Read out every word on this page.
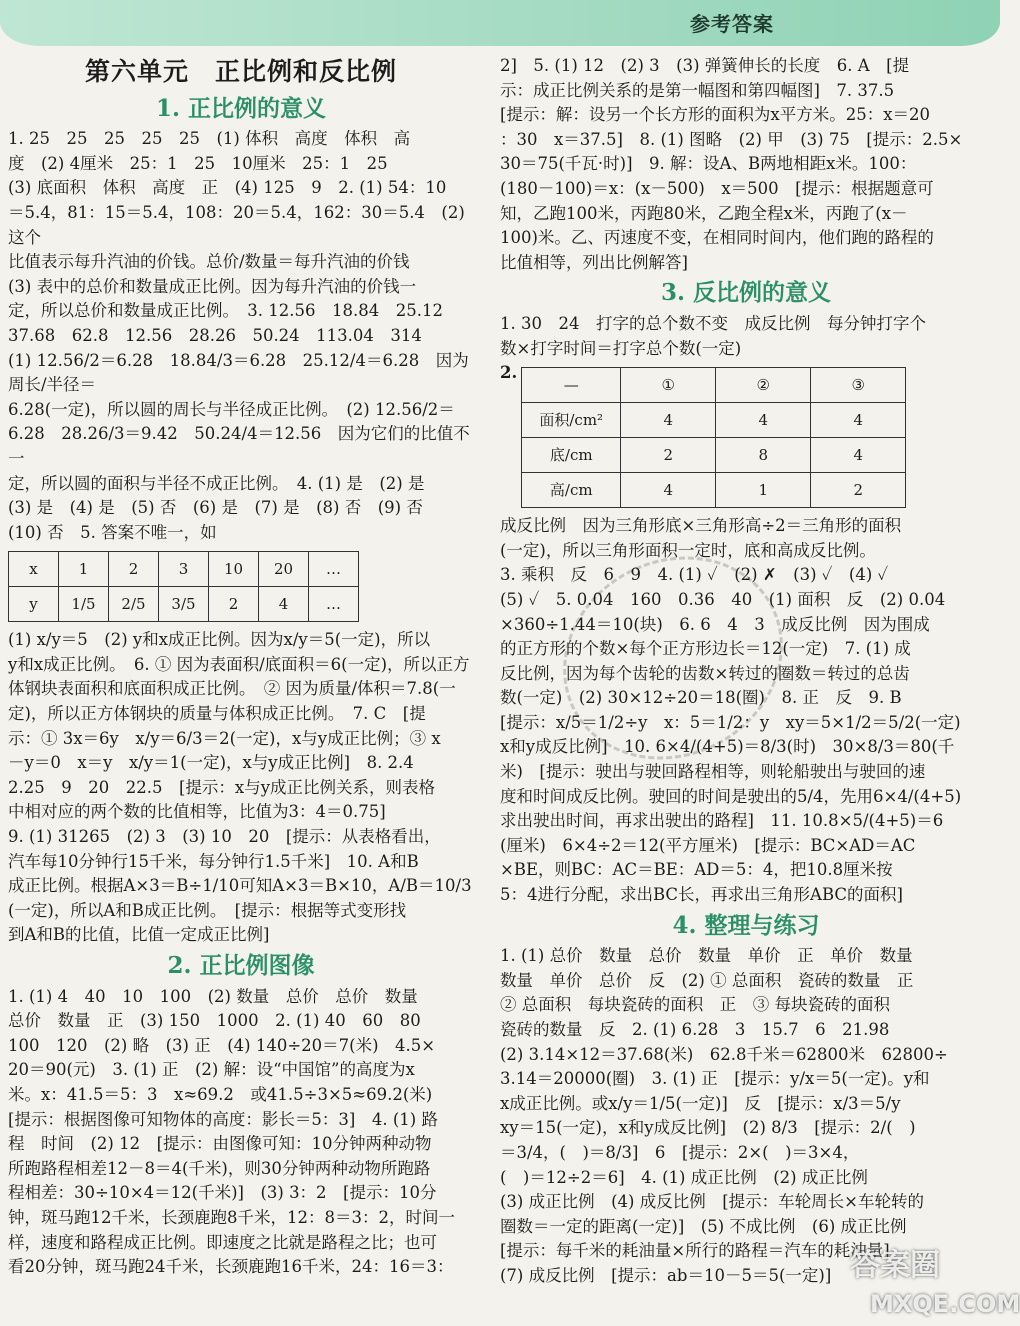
参考答案
第六单元　正比例和反比例
1. 正比例的意义

1. 25　25　25　25　25　(1) 体积　高度　体积　高

度　(2) 4厘米　25：1　25　10厘米　25：1　25

(3) 底面积　体积　高度　正　(4) 125　9　2. (1) 54：10

＝5.4，81：15＝5.4，108：20＝5.4，162：30＝5.4　(2) 这个

比值表示每升汽油的价钱。总价/数量＝每升汽油的价钱

(3) 表中的总价和数量成正比例。因为每升汽油的价钱一

定，所以总价和数量成正比例。　3. 12.56　18.84　25.12

37.68　62.8　12.56　28.26　50.24　113.04　314

(1) 12.56/2＝6.28　18.84/3＝6.28　25.12/4＝6.28　因为周长/半径＝

6.28(一定)，所以圆的周长与半径成正比例。　(2) 12.56/2＝

6.28　28.26/3＝9.42　50.24/4＝12.56　因为它们的比值不一

定，所以圆的面积与半径不成正比例。　4. (1) 是　(2) 是

(3) 是　(4) 是　(5) 否　(6) 是　(7) 是　(8) 否　(9) 否

(10) 否　5. 答案不唯一，如

x	1	2	3	10	20	…
y	1/5	2/5	3/5	2	4	…

(1) x/y＝5　(2) y和x成正比例。因为x/y＝5(一定)，所以

y和x成正比例。　6. ① 因为表面积/底面积＝6(一定)，所以正方

体钢块表面积和底面积成正比例。　② 因为质量/体积＝7.8(一

定)，所以正方体钢块的质量与体积成正比例。　7. C　[提

示：① 3x＝6y　x/y＝6/3＝2(一定)，x与y成正比例；③ x

－y＝0　x＝y　x/y＝1(一定)，x与y成正比例]　8. 2.4

2.25　9　20　22.5　[提示：x与y成正比例关系，则表格

中相对应的两个数的比值相等，比值为3：4＝0.75]

9. (1) 31265　(2) 3　(3) 10　20　[提示：从表格看出，

汽车每10分钟行15千米，每分钟行1.5千米]　10. A和B

成正比例。根据A×3＝B÷1/10可知A×3＝B×10，A/B＝10/3

(一定)，所以A和B成正比例。　[提示：根据等式变形找

到A和B的比值，比值一定成正比例]

2. 正比例图像

1. (1) 4　40　10　100　(2) 数量　总价　总价　数量

总价　数量　正　(3) 150　1000　2. (1) 40　60　80

100　120　(2) 略　(3) 正　(4) 140÷20＝7(米)　4.5×

20＝90(元)　3. (1) 正　(2) 解：设“中国馆”的高度为x

米。x：41.5＝5：3　x≈69.2　或41.5÷3×5≈69.2(米)

[提示：根据图像可知物体的高度：影长＝5：3]　4. (1) 路

程　时间　(2) 12　[提示：由图像可知：10分钟两种动物

所跑路程相差12－8＝4(千米)，则30分钟两种动物所跑路

程相差：30÷10×4＝12(千米)]　(3) 3：2　[提示：10分

钟，斑马跑12千米，长颈鹿跑8千米，12：8＝3：2，时间一

样，速度和路程成正比例。即速度之比就是路程之比；也可

看20分钟，斑马跑24千米，长颈鹿跑16千米，24：16＝3：

2]　5. (1) 12　(2) 3　(3) 弹簧伸长的长度　6. A　[提

示：成正比例关系的是第一幅图和第四幅图]　7. 37.5

[提示：解：设另一个长方形的面积为x平方米。25：x＝20

：30　x＝37.5]　8. (1) 图略　(2) 甲　(3) 75　[提示：2.5×

30＝75(千瓦·时)]　9. 解：设A、B两地相距x米。100：

(180－100)＝x：(x－500)　x＝500　[提示：根据题意可

知，乙跑100米，丙跑80米，乙跑全程x米，丙跑了(x－

100)米。乙、丙速度不变，在相同时间内，他们跑的路程的

比值相等，列出比例解答]

3. 反比例的意义

1. 30　24　打字的总个数不变　成反比例　每分钟打字个

数×打字时间＝打字总个数(一定)

2.
—	①	②	③
面积/cm²	4	4	4
底/cm	2	8	4
高/cm	4	1	2

成反比例　因为三角形底×三角形高÷2＝三角形的面积

(一定)，所以三角形面积一定时，底和高成反比例。

3. 乘积　反　6　9　4. (1) ✓　(2) ✗　(3) ✓　(4) ✓

(5) ✓　5. 0.04　160　0.36　40　(1) 面积　反　(2) 0.04

×360÷1.44＝10(块)　6. 6　4　3　成反比例　因为围成

的正方形的个数×每个正方形边长＝12(一定)　7. (1) 成

反比例，因为每个齿轮的齿数×转过的圈数＝转过的总齿

数(一定)　(2) 30×12÷20＝18(圈)　8. 正　反　9. B

[提示：x/5＝1/2÷y　x：5＝1/2：y　xy＝5×1/2＝5/2(一定)

x和y成反比例]　10. 6×4/(4+5)＝8/3(时)　30×8/3＝80(千

米)　[提示：驶出与驶回路程相等，则轮船驶出与驶回的速

度和时间成反比例。驶回的时间是驶出的5/4，先用6×4/(4+5)

求出驶出时间，再求出驶出的路程]　11. 10.8×5/(4+5)＝6

(厘米)　6×4÷2＝12(平方厘米)　[提示：BC×AD＝AC

×BE，则BC：AC＝BE：AD＝5：4，把10.8厘米按

5：4进行分配，求出BC长，再求出三角形ABC的面积]

4. 整理与练习

1. (1) 总价　数量　总价　数量　单价　正　单价　数量

数量　单价　总价　反　(2) ① 总面积　瓷砖的数量　正

② 总面积　每块瓷砖的面积　正　③ 每块瓷砖的面积

瓷砖的数量　反　2. (1) 6.28　3　15.7　6　21.98

(2) 3.14×12＝37.68(米)　62.8千米＝62800米　62800÷

3.14＝20000(圈)　3. (1) 正　[提示：y/x＝5(一定)。y和

x成正比例。或x/y＝1/5(一定)]　反　[提示：x/3＝5/y

xy＝15(一定)，x和y成反比例]　(2) 8/3　[提示：2/(　)

＝3/4，(　)＝8/3]　6　[提示：2×(　)＝3×4，

(　)＝12÷2＝6]　4. (1) 成正比例　(2) 成正比例

(3) 成正比例　(4) 成反比例　[提示：车轮周长×车轮转的

圈数＝一定的距离(一定)]　(5) 不成比例　(6) 成正比例

[提示：每千米的耗油量×所行的路程＝汽车的耗油量]

(7) 成反比例　[提示：ab＝10－5＝5(一定)] 答案圈
MXQE.COM
